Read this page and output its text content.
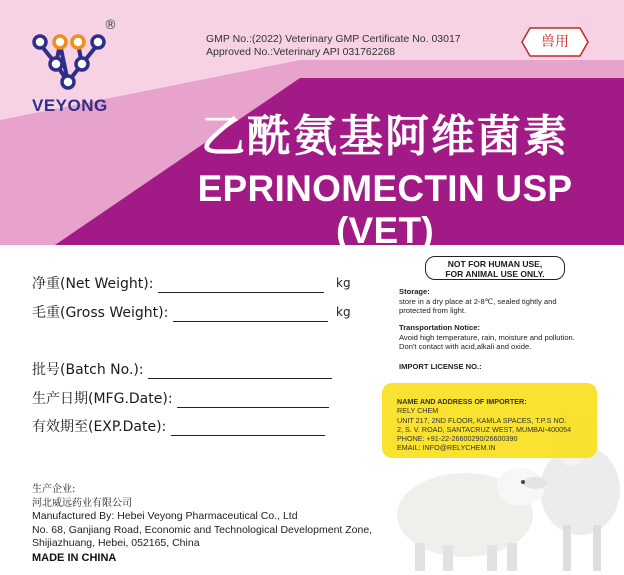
®
VEYONG
GMP No.:(2022) Veterinary GMP Certificate No. 03017
Approved No.:Veterinary API 031762268
兽用
乙酰氨基阿维菌素
EPRINOMECTIN USP (VET)
净重(Net Weight):	kg
毛重(Gross Weight):	kg
批号(Batch No.):
生产日期(MFG.Date):
有效期至(EXP.Date):
NOT FOR HUMAN USE,
FOR ANIMAL USE ONLY.
Storage:
store in a dry place at 2-8℃, sealed tightly and
protected from light.
Transportation Notice:
Avoid high temperature, rain, moisture and pollution.
Don't contact with acid,alkali and oxide.
IMPORT LICENSE NO.:
NAME AND ADDRESS OF IMPORTER:
RELY CHEM
UNIT 217, 2ND FLOOR, KAMLA SPACES, T.P.S NO.
2, S. V. ROAD, SANTACRUZ WEST, MUMBAI-400054
PHONE: +91-22-26600290/26600390
EMAIL: INFO@RELYCHEM.IN
生产企业:
河北威远药业有限公司
Manufactured By: Hebei Veyong Pharmaceutical Co., Ltd
No. 68, Ganjiang Road, Economic and Technological Development Zone,
Shijiazhuang, Hebei, 052165, China
MADE IN CHINA
